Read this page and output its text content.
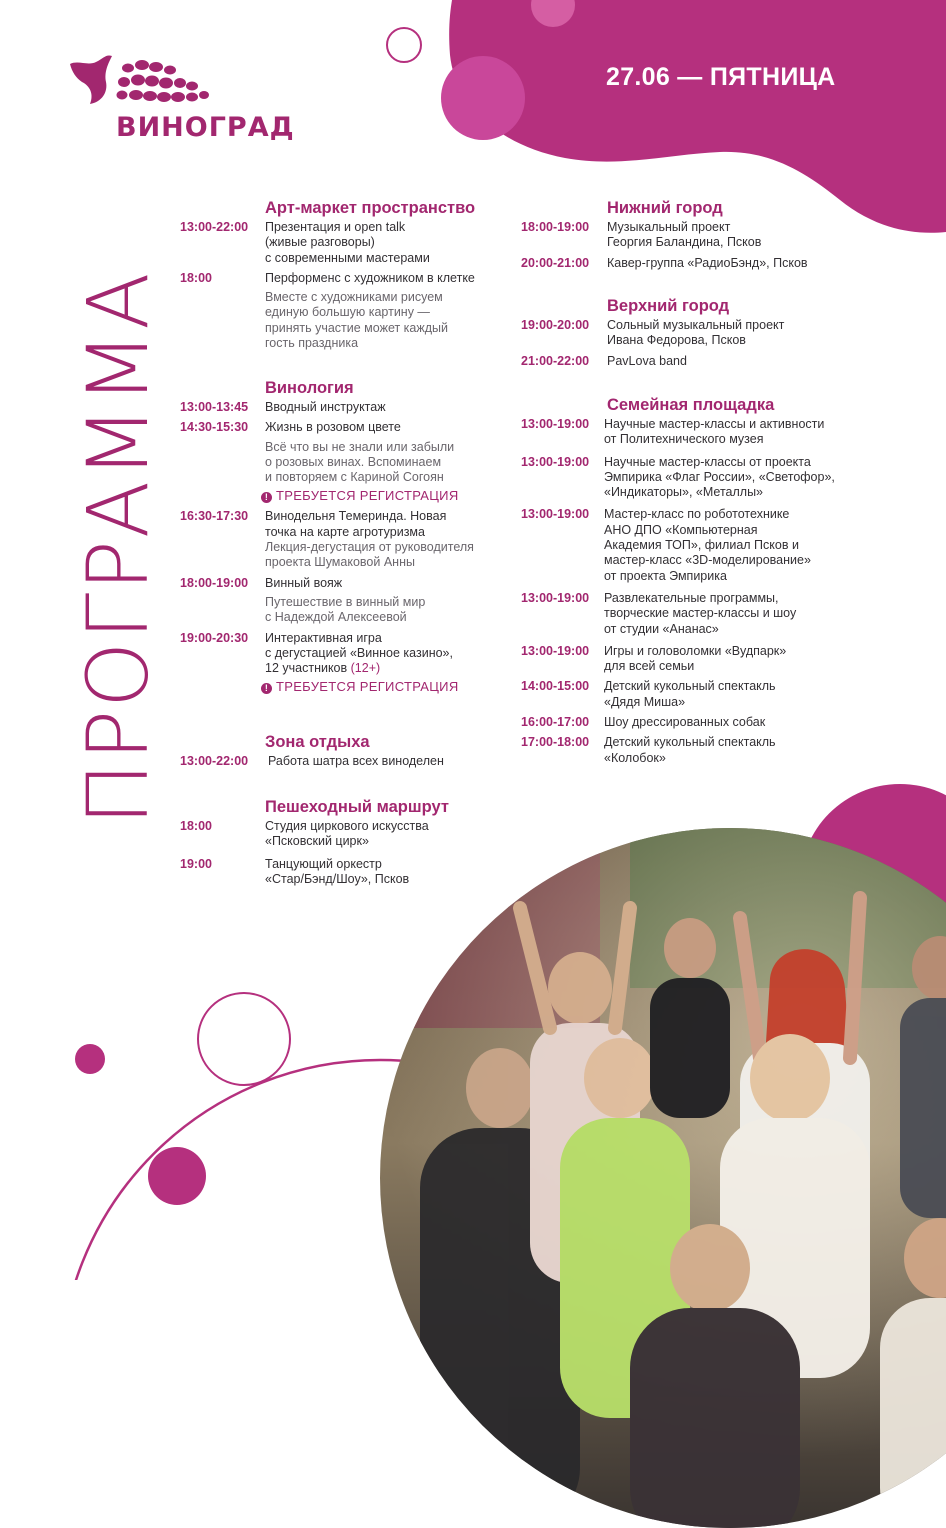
ВИНОГРАД
27.06 — ПЯТНИЦА
ПРОГРАММА
Арт-маркет пространство
13:00-22:00 Презентация и open talk
(живые разговоры)
с современными мастерами
18:00	Перформенс с художником в клетке
Вместе с художниками рисуем
единую большую картину —
принять участие может каждый
гость праздника
Винология
13:00-13:45 Вводный инструктаж
14:30-15:30 Жизнь в розовом цвете
Всё что вы не знали или забыли
о розовых винах. Вспоминаем
и повторяем с Кариной Согоян
! ТРЕБУЕТСЯ РЕГИСТРАЦИЯ
16:30-17:30 Винодельня Темеринда. Новая
точка на карте агротуризма
Лекция-дегустация от руководителя
проекта Шумаковой Анны
18:00-19:00 Винный вояж
Путешествие в винный мир
с Надеждой Алексеевой
19:00-20:30 Интерактивная игра
с дегустацией «Винное казино»,
12 участников (12+)
! ТРЕБУЕТСЯ РЕГИСТРАЦИЯ
Зона отдыха
13:00-22:00 Работа шатра всех виноделен
Пешеходный маршрут
18:00	Студия циркового искусства
«Псковский цирк»
19:00	Танцующий оркестр
«Стар/Бэнд/Шоу», Псков
Нижний город
18:00-19:00 Музыкальный проект
Георгия Баландина, Псков
20:00-21:00 Кавер-группа «РадиоБэнд», Псков
Верхний город
19:00-20:00 Сольный музыкальный проект
Ивана Федорова, Псков
21:00-22:00 PavLova band
Семейная площадка
13:00-19:00 Научные мастер-классы и активности
от Политехнического музея
13:00-19:00 Научные мастер-классы от проекта
Эмпирика «Флаг России», «Светофор»,
«Индикаторы», «Металлы»
13:00-19:00 Мастер-класс по робототехнике
АНО ДПО «Компьютерная
Академия ТОП», филиал Псков и
мастер-класс «3D-моделирование»
от проекта Эмпирика
13:00-19:00 Развлекательные программы,
творческие мастер-классы и шоу
от студии «Ананас»
13:00-19:00 Игры и головоломки «Вудпарк»
для всей семьи
14:00-15:00 Детский кукольный спектакль
«Дядя Миша»
16:00-17:00 Шоу дрессированных собак
17:00-18:00 Детский кукольный спектакль
«Колобок»
